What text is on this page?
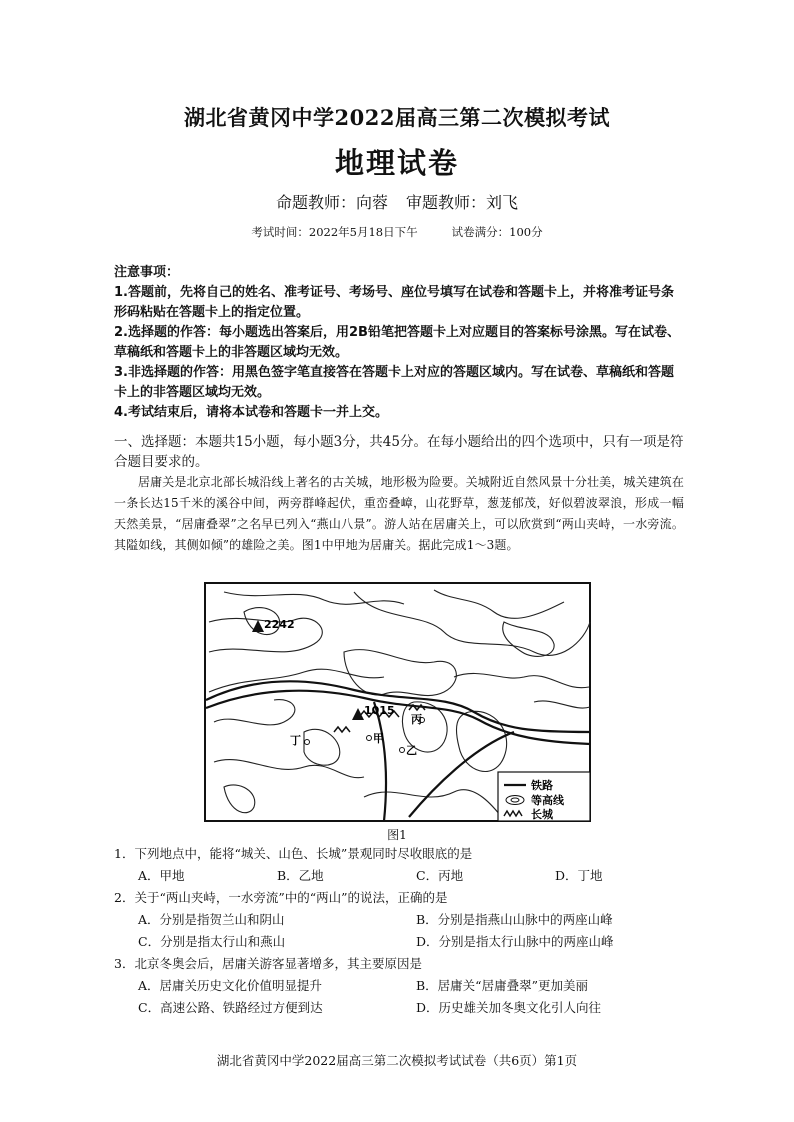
湖北省黄冈中学2022届高三第二次模拟考试
地理试卷
命题教师：向蓉 审题教师：刘飞
考试时间：2022年5月18日下午	试卷满分：100分
注意事项：
1.答题前，先将自己的姓名、准考证号、考场号、座位号填写在试卷和答题卡上，并将准考证号条形码粘贴在答题卡上的指定位置。
2.选择题的作答：每小题选出答案后，用2B铅笔把答题卡上对应题目的答案标号涂黑。写在试卷、草稿纸和答题卡上的非答题区域均无效。
3.非选择题的作答：用黑色签字笔直接答在答题卡上对应的答题区域内。写在试卷、草稿纸和答题卡上的非答题区域均无效。
4.考试结束后，请将本试卷和答题卡一并上交。
一、选择题：本题共15小题，每小题3分，共45分。在每小题给出的四个选项中，只有一项是符合题目要求的。
居庸关是北京北部长城沿线上著名的古关城，地形极为险要。关城附近自然风景十分壮美，城关建筑在一条长达15千米的溪谷中间，两旁群峰起伏，重峦叠嶂，山花野草，葱茏郁茂，好似碧波翠浪，形成一幅天然美景，“居庸叠翠”之名早已列入“燕山八景”。游人站在居庸关上，可以欣赏到“两山夹峙，一水旁流。其隘如线，其侧如倾”的雄险之美。图1中甲地为居庸关。据此完成1～3题。
2242
1015
丁	甲
乙
丙
铁路
等高线
长城
图1
1．下列地点中，能将“城关、山色、长城”景观同时尽收眼底的是
A．甲地	B．乙地	C．丙地	D．丁地
2．关于“两山夹峙，一水旁流”中的“两山”的说法，正确的是
A．分别是指贺兰山和阴山	B．分别是指燕山山脉中的两座山峰
C．分别是指太行山和燕山	D．分别是指太行山脉中的两座山峰
3．北京冬奥会后，居庸关游客显著增多，其主要原因是
A．居庸关历史文化价值明显提升	B．居庸关“居庸叠翠”更加美丽
C．高速公路、铁路经过方便到达	D．历史雄关加冬奥文化引人向往
湖北省黄冈中学2022届高三第二次模拟考试试卷（共6页）第1页
